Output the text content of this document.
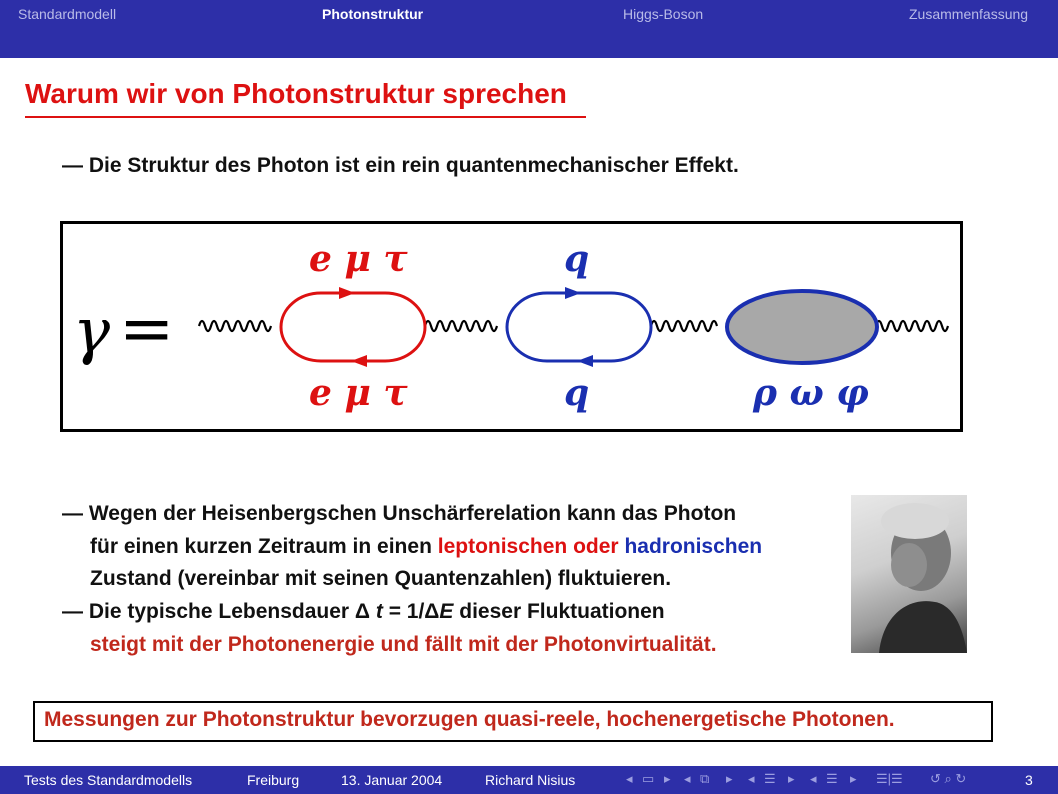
Standardmodell	Photonstruktur	Higgs-Boson	Zusammenfassung
Warum wir von Photonstruktur sprechen
— Die Struktur des Photon ist ein rein quantenmechanischer Effekt.
γ =
e μ τ
e μ τ
q
q	ρ ω φ
— Wegen der Heisenbergschen Unschärferelation kann das Photon
für einen kurzen Zeitraum in einen leptonischen oder hadronischen
Zustand (vereinbar mit seinen Quantenzahlen) fluktuieren.
— Die typische Lebensdauer Δ t = 1/ΔE dieser Fluktuationen
steigt mit der Photonenergie und fällt mit der Photonvirtualität.
Messungen zur Photonstruktur bevorzugen quasi-reele, hochenergetische Photonen.
Tests des Standardmodells	Freiburg	13. Januar 2004	Richard Nisius	◂ ▭ ▸ ◂ ⧉ ▸ ◂ ☰ ▸ ◂ ☰ ▸ ☰|☰ ↺ ⌕ ↻	3
